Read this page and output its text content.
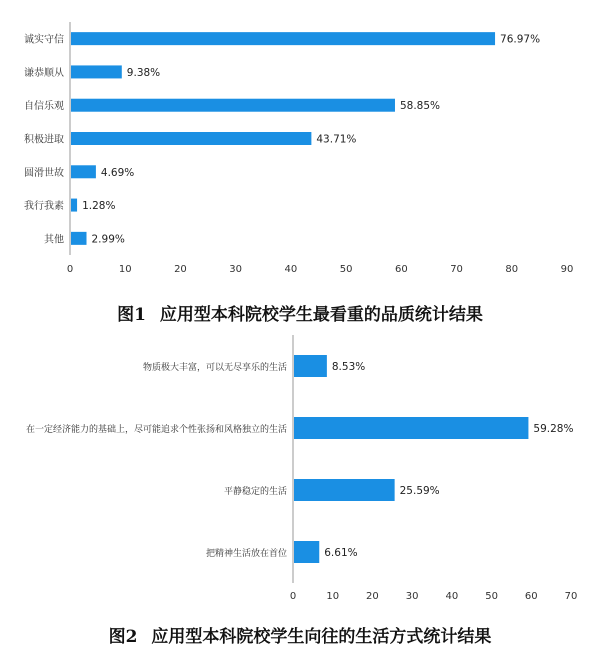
0	10	20	30	40	50	60	70	80	90
诚实守信	76.97%
谦恭顺从	9.38%
自信乐观	58.85%
积极进取	43.71%
圆滑世故	4.69%
我行我素 1.28%
其他	2.99%
图1 应用型本科院校学生最看重的品质统计结果
0	10	20	30	40	50	60	70
物质极大丰富，可以无尽享乐的生活	8.53%
在一定经济能力的基础上，尽可能追求个性张扬和风格独立的生活	59.28%
平静稳定的生活	25.59%
把精神生活放在首位	6.61%
图2 应用型本科院校学生向往的生活方式统计结果
